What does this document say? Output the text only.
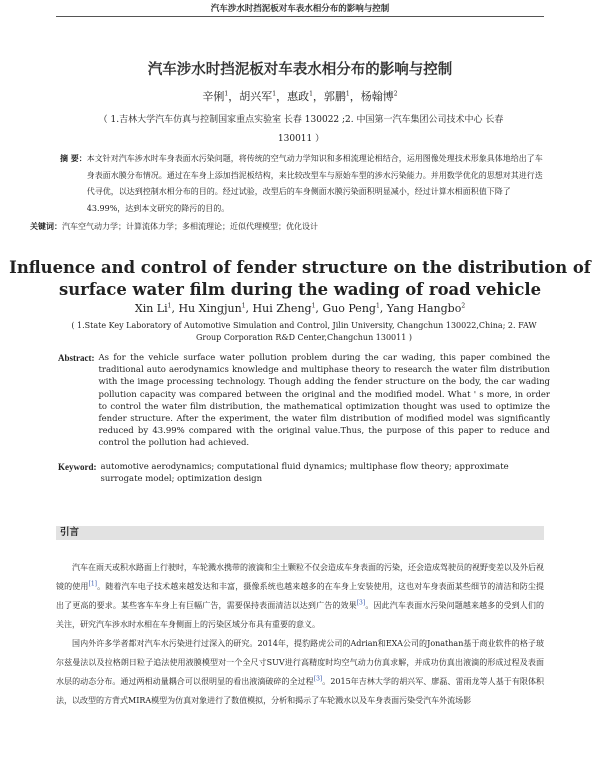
汽车涉水时挡泥板对车表水相分布的影响与控制
汽车涉水时挡泥板对车表水相分布的影响与控制
辛俐$^1$，胡兴军$^1$，惠政$^1$，郭鹏$^1$，杨翰博$^2$
（ 1.吉林大学汽车仿真与控制国家重点实验室 长春 130022 ;2. 中国第一汽车集团公司技术中心 长春 130011 ）
摘 要： 本文针对汽车涉水时车身表面水污染问题，将传统的空气动力学知识和多相流理论相结合，运用图像处理技术形象具体地给出了车身表面水膜分布情况。通过在车身上添加挡泥板结构，来比较改型车与原始车型的涉水污染能力。并用数学优化的思想对其进行迭代寻优，以达到控制水相分布的目的。经过试验，改型后的车身侧面水膜污染面积明显减小，经过计算水相面积值下降了43.99%，达到本文研究的降污的目的。
关键词：汽车空气动力学；计算流体力学；多相流理论；近似代理模型；优化设计
Influence and control of fender structure on the distribution of surface water film during the wading of road vehicle
Xin Li$^1$, Hu Xingjun$^1$, Hui Zheng$^1$, Guo Peng$^1$, Yang Hangbo$^2$
( 1.State Key Laboratory of Automotive Simulation and Control, Jilin University, Changchun 130022,China; 2. FAW Group Corporation R&D Center,Changchun 130011 )
Abstract: As for the vehicle surface water pollution problem during the car wading, this paper combined the traditional auto aerodynamics knowledge and multiphase theory to research the water film distribution with the image processing technology. Though adding the fender structure on the body, the car wading pollution capacity was compared between the original and the modified model. What ' s more, in order to control the water film distribution, the mathematical optimization thought was used to optimize the fender structure. After the experiment, the water film distribution of modified model was significantly reduced by 43.99% compared with the original value.Thus, the purpose of this paper to reduce and control the pollution had achieved.
Keyword: automotive aerodynamics; computational fluid dynamics; multiphase flow theory; approximate surrogate model; optimization design
引言

汽车在雨天或积水路面上行驶时，车轮溅水携带的液滴和尘土颗粒不仅会造成车身表面的污染，还会造成驾驶员的视野变差以及外后视镜的使用[1]。随着汽车电子技术越来越发达和丰富，摄像系统也越来越多的在车身上安装使用，这也对车身表面某些细节的清洁和防尘提出了更高的要求。某些客车车身上有巨幅广告，需要保持表面清洁以达到广告的效果[3]。因此汽车表面水污染问题越来越多的受到人们的关注，研究汽车涉水时水相在车身侧面上的污染区域分布具有重要的意义。

国内外许多学者都对汽车水污染进行过深入的研究。2014年，提豹路虎公司的Adrian和EXA公司的Jonathan基于商业软件的格子玻尔兹曼法以及拉格朗日粒子追法使用液膜模型对一个全尺寸SUV进行高精度时均空气动力仿真求解，并成功仿真出液滴的形成过程及表面水层的动态分布。通过两相动量耦合可以很明显的看出液滴破碎的全过程[3]。2015年吉林大学的胡兴军、廖磊、雷雨龙等人基于有限体积法，以改型的方背式MIRA模型为仿真对象进行了数值模拟，分析和揭示了车轮溅水以及车身表面污染受汽车外流场影
